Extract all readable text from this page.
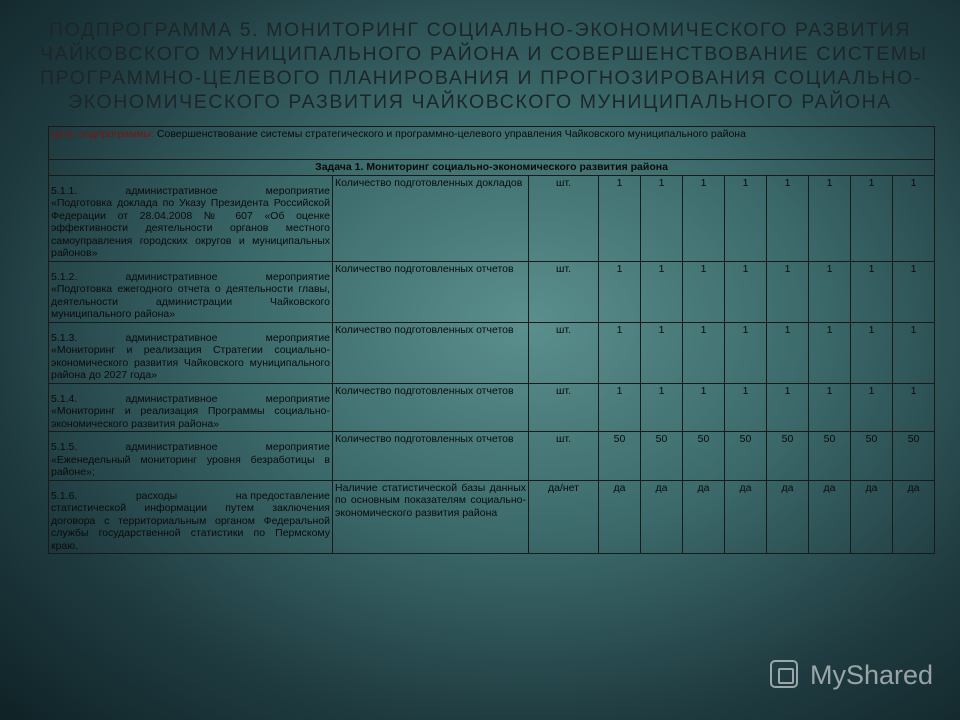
ПОДПРОГРАММА 5. МОНИТОРИНГ СОЦИАЛЬНО-ЭКОНОМИЧЕСКОГО РАЗВИТИЯ
ЧАЙКОВСКОГО МУНИЦИПАЛЬНОГО РАЙОНА И СОВЕРШЕНСТВОВАНИЕ СИСТЕМЫ
ПРОГРАММНО-ЦЕЛЕВОГО ПЛАНИРОВАНИЯ И ПРОГНОЗИРОВАНИЯ СОЦИАЛЬНО-
ЭКОНОМИЧЕСКОГО РАЗВИТИЯ ЧАЙКОВСКОГО МУНИЦИПАЛЬНОГО РАЙОНА
Цель подпрограммы: Совершенствование системы стратегического и программно-целевого управления Чайковского муниципального района										
Задача 1. Мониторинг социально-экономического развития района										

5.1.1. административное мероприятие
«Подготовка доклада по Указу Президента Российской Федерации от 28.04.2008 № 607 «Об оценке эффективности деятельности органов местного самоуправления городских округов и муниципальных районов»	Количество подготовленных докладов	шт.	1	1	1	1	1	1	1	1

5.1.2. административное мероприятие
«Подготовка ежегодного отчета о деятельности главы, деятельности администрации Чайковского муниципального района»	Количество подготовленных отчетов	шт.	1	1	1	1	1	1	1	1

5.1.3. административное мероприятие
«Мониторинг и реализация Стратегии социально-экономического развития Чайковского муниципального района до 2027 года»	Количество подготовленных отчетов	шт.	1	1	1	1	1	1	1	1

5.1.4. административное мероприятие
«Мониторинг и реализация Программы социально-экономического развития района»	Количество подготовленных отчетов	шт.	1	1	1	1	1	1	1	1

5.1.5. административное мероприятие
«Еженедельный мониторинг уровня безработицы в районе»;	Количество подготовленных отчетов	шт.	50	50	50	50	50	50	50	50

5.1.6. расходы на предоставление
статистической информации путем заключения договора с территориальным органом Федеральной службы государственной статистики по Пермскому краю.	Наличие статистической базы данных по основным показателям социально-экономического развития района	да/нет	да	да	да	да	да	да	да	да
MyShared
